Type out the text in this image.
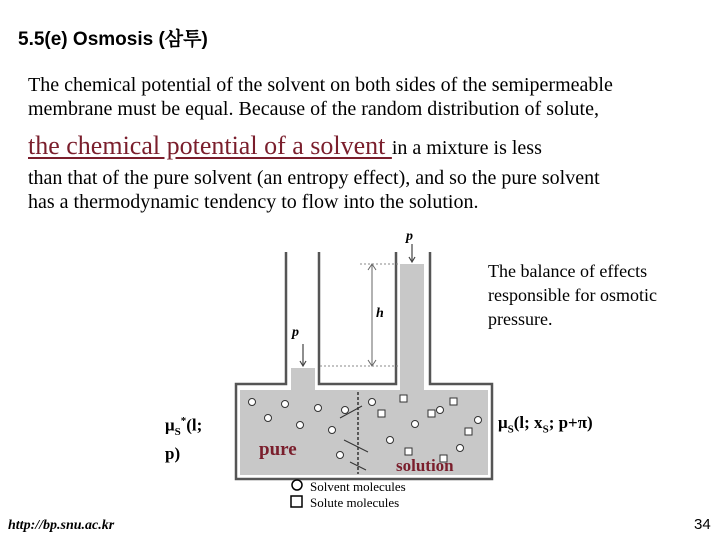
5.5(e) Osmosis (삼투)
The chemical potential of the solvent on both sides of the semipermeable
membrane must be equal. Because of the random distribution of solute,
the chemical potential of a solvent in a mixture is less
than that of the pure solvent (an entropy effect), and so the pure solvent
has a thermodynamic tendency to flow into the solution.
p
h
p
$\mu_S^*(l$;
p)
$\mu_S(l$; $x_S$; p+π)
pure
solution
Solvent molecules
Solute molecules
The balance of effects
responsible for osmotic
pressure.
http://bp.snu.ac.kr	34
